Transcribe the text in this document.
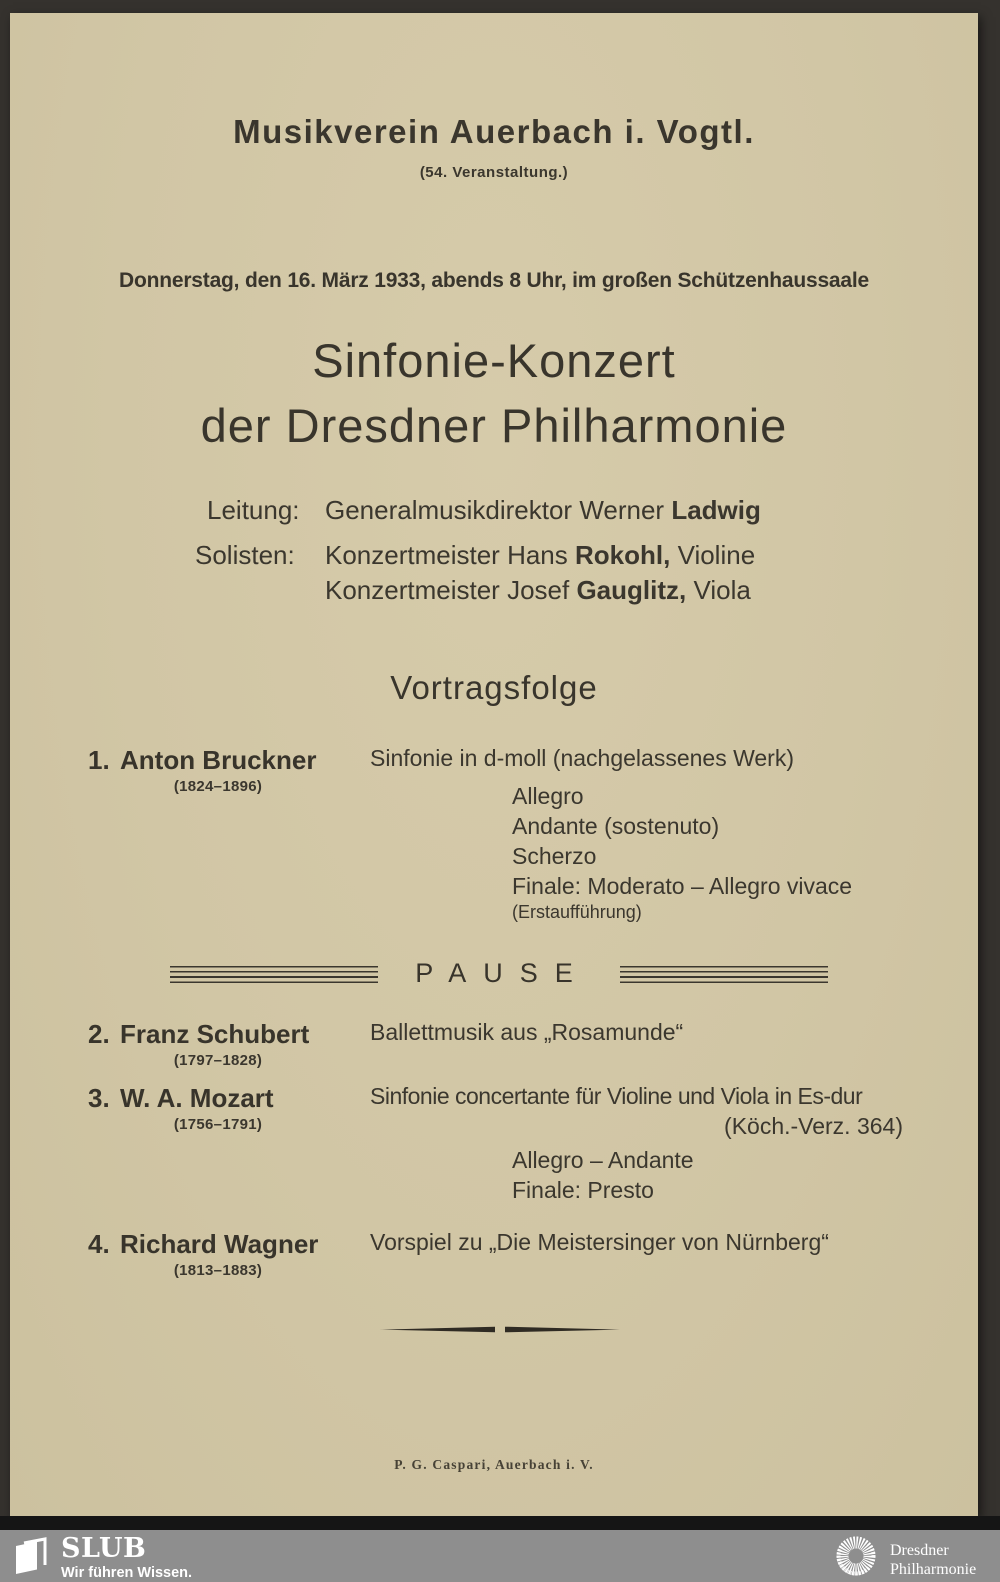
Musikverein Auerbach i. Vogtl.
(54. Veranstaltung.)
Donnerstag, den 16. März 1933, abends 8 Uhr, im großen Schützenhaussaale
Sinfonie-Konzert
der Dresdner Philharmonie
Leitung: Generalmusikdirektor Werner Ladwig
Solisten: Konzertmeister Hans Rokohl, Violine
Konzertmeister Josef Gauglitz, Viola
Vortragsfolge
1. Anton Bruckner
(1824–1896)
Sinfonie in d-moll (nachgelassenes Werk)
Allegro
Andante (sostenuto)
Scherzo
Finale: Moderato – Allegro vivace
(Erstaufführung)
PAUSE
2. Franz Schubert
(1797–1828)
Ballettmusik aus „Rosamunde“
3. W. A. Mozart
(1756–1791)
Sinfonie concertante für Violine und Viola in Es-dur
(Köch.-Verz. 364)
Allegro – Andante
Finale: Presto
4. Richard Wagner
(1813–1883)
Vorspiel zu „Die Meistersinger von Nürnberg“
P. G. Caspari, Auerbach i. V.
SLUB
Wir führen Wissen.
Dresdner
Philharmonie
